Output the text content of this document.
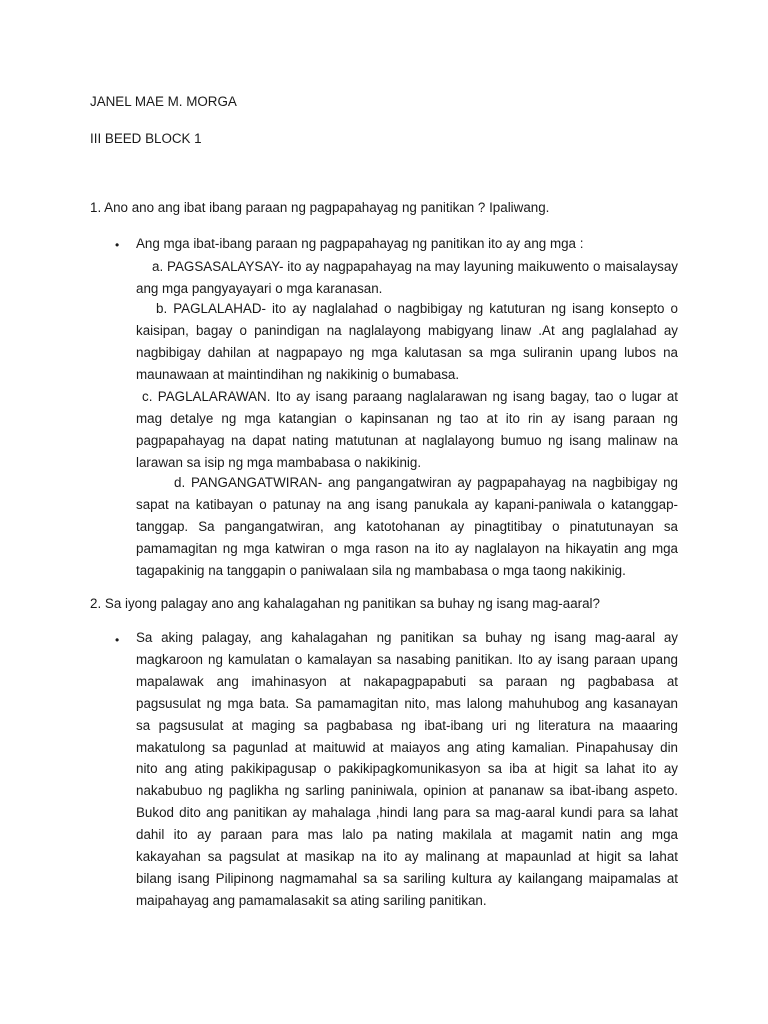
JANEL MAE M. MORGA
III BEED BLOCK 1
1. Ano ano ang ibat ibang paraan ng pagpapahayag ng panitikan ? Ipaliwang.
• Ang mga ibat-ibang paraan ng pagpapahayag ng panitikan ito ay ang mga :
a. PAGSASALAYSAY- ito ay nagpapahayag na may layuning maikuwento o maisalaysay
ang mga pangyayayari o mga karanasan.
b. PAGLALAHAD- ito ay naglalahad o nagbibigay ng katuturan ng isang konsepto o
kaisipan, bagay o panindigan na naglalayong mabigyang linaw .At ang paglalahad ay
nagbibigay dahilan at nagpapayo ng mga kalutasan sa mga suliranin upang lubos na
maunawaan at maintindihan ng nakikinig o bumabasa.
c. PAGLALARAWAN. Ito ay isang paraang naglalarawan ng isang bagay, tao o lugar at
mag detalye ng mga katangian o kapinsanan ng tao at ito rin ay isang paraan ng
pagpapahayag na dapat nating matutunan at naglalayong bumuo ng isang malinaw na
larawan sa isip ng mga mambabasa o nakikinig.
d. PANGANGATWIRAN- ang pangangatwiran ay pagpapahayag na nagbibigay ng
sapat na katibayan o patunay na ang isang panukala ay kapani-paniwala o katanggap-
tanggap. Sa pangangatwiran, ang katotohanan ay pinagtitibay o pinatutunayan sa
pamamagitan ng mga katwiran o mga rason na ito ay naglalayon na hikayatin ang mga
tagapakinig na tanggapin o paniwalaan sila ng mambabasa o mga taong nakikinig.
2. Sa iyong palagay ano ang kahalagahan ng panitikan sa buhay ng isang mag-aaral?
• Sa aking palagay, ang kahalagahan ng panitikan sa buhay ng isang mag-aaral ay
magkaroon ng kamulatan o kamalayan sa nasabing panitikan. Ito ay isang paraan upang
mapalawak ang imahinasyon at nakapagpapabuti sa paraan ng pagbabasa at
pagsusulat ng mga bata. Sa pamamagitan nito, mas lalong mahuhubog ang kasanayan
sa pagsusulat at maging sa pagbabasa ng ibat-ibang uri ng literatura na maaaring
makatulong sa pagunlad at maituwid at maiayos ang ating kamalian. Pinapahusay din
nito ang ating pakikipagusap o pakikipagkomunikasyon sa iba at higit sa lahat ito ay
nakabubuo ng paglikha ng sarling paniniwala, opinion at pananaw sa ibat-ibang aspeto.
Bukod dito ang panitikan ay mahalaga ,hindi lang para sa mag-aaral kundi para sa lahat
dahil ito ay paraan para mas lalo pa nating makilala at magamit natin ang mga
kakayahan sa pagsulat at masikap na ito ay malinang at mapaunlad at higit sa lahat
bilang isang Pilipinong nagmamahal sa sa sariling kultura ay kailangang maipamalas at
maipahayag ang pamamalasakit sa ating sariling panitikan.
